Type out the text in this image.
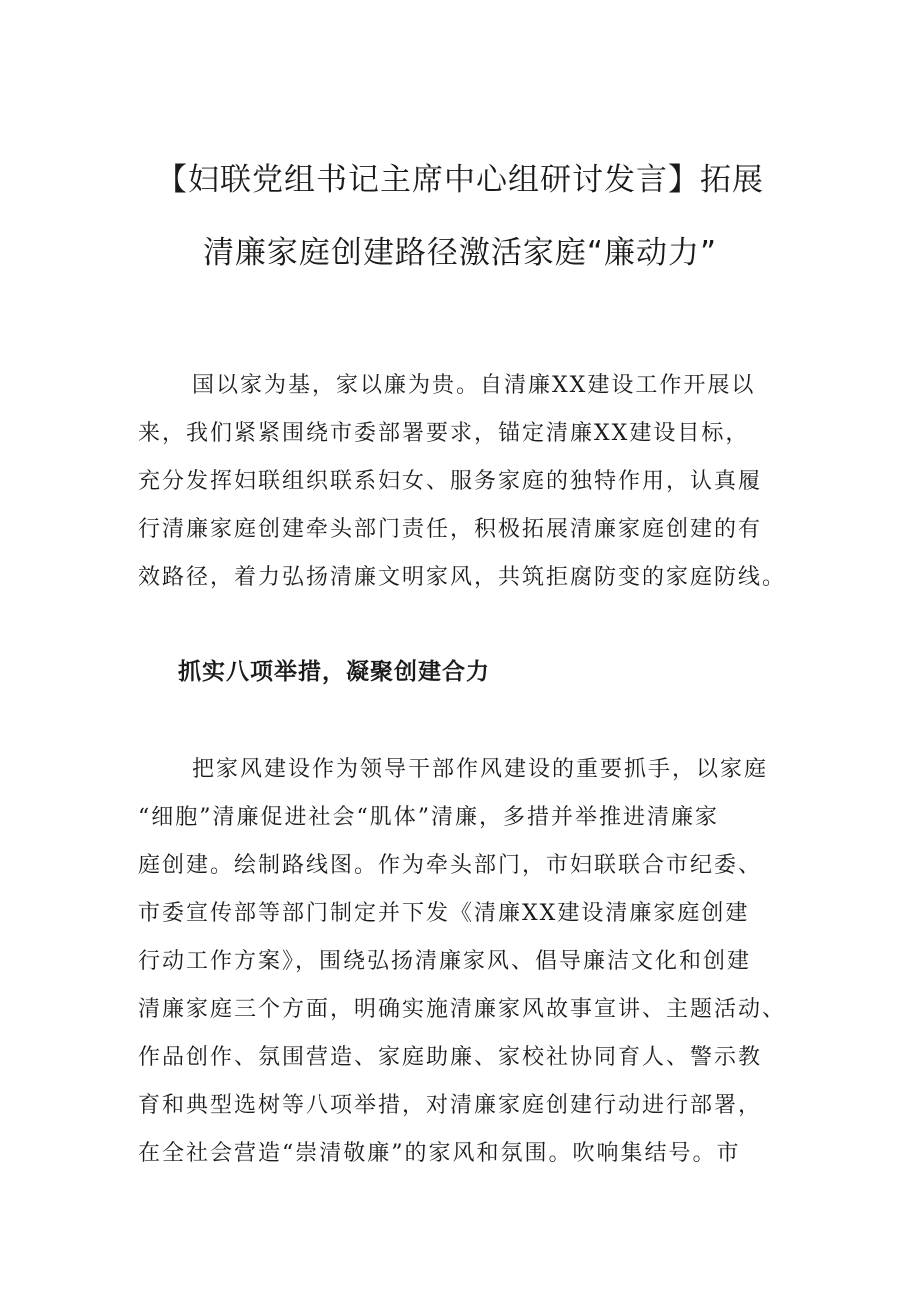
【妇联党组书记主席中心组研讨发言】拓展
清廉家庭创建路径激活家庭“廉动力”

国以家为基，家以廉为贵。自清廉XX建设工作开展以
来，我们紧紧围绕市委部署要求，锚定清廉XX建设目标，
充分发挥妇联组织联系妇女、服务家庭的独特作用，认真履
行清廉家庭创建牵头部门责任，积极拓展清廉家庭创建的有
效路径，着力弘扬清廉文明家风，共筑拒腐防变的家庭防线。

抓实八项举措，凝聚创建合力

把家风建设作为领导干部作风建设的重要抓手，以家庭
“细胞”清廉促进社会“肌体”清廉，多措并举推进清廉家
庭创建。绘制路线图。作为牵头部门，市妇联联合市纪委、
市委宣传部等部门制定并下发《清廉XX建设清廉家庭创建
行动工作方案》，围绕弘扬清廉家风、倡导廉洁文化和创建
清廉家庭三个方面，明确实施清廉家风故事宣讲、主题活动、
作品创作、氛围营造、家庭助廉、家校社协同育人、警示教
育和典型选树等八项举措，对清廉家庭创建行动进行部署，
在全社会营造“崇清敬廉”的家风和氛围。吹响集结号。市
